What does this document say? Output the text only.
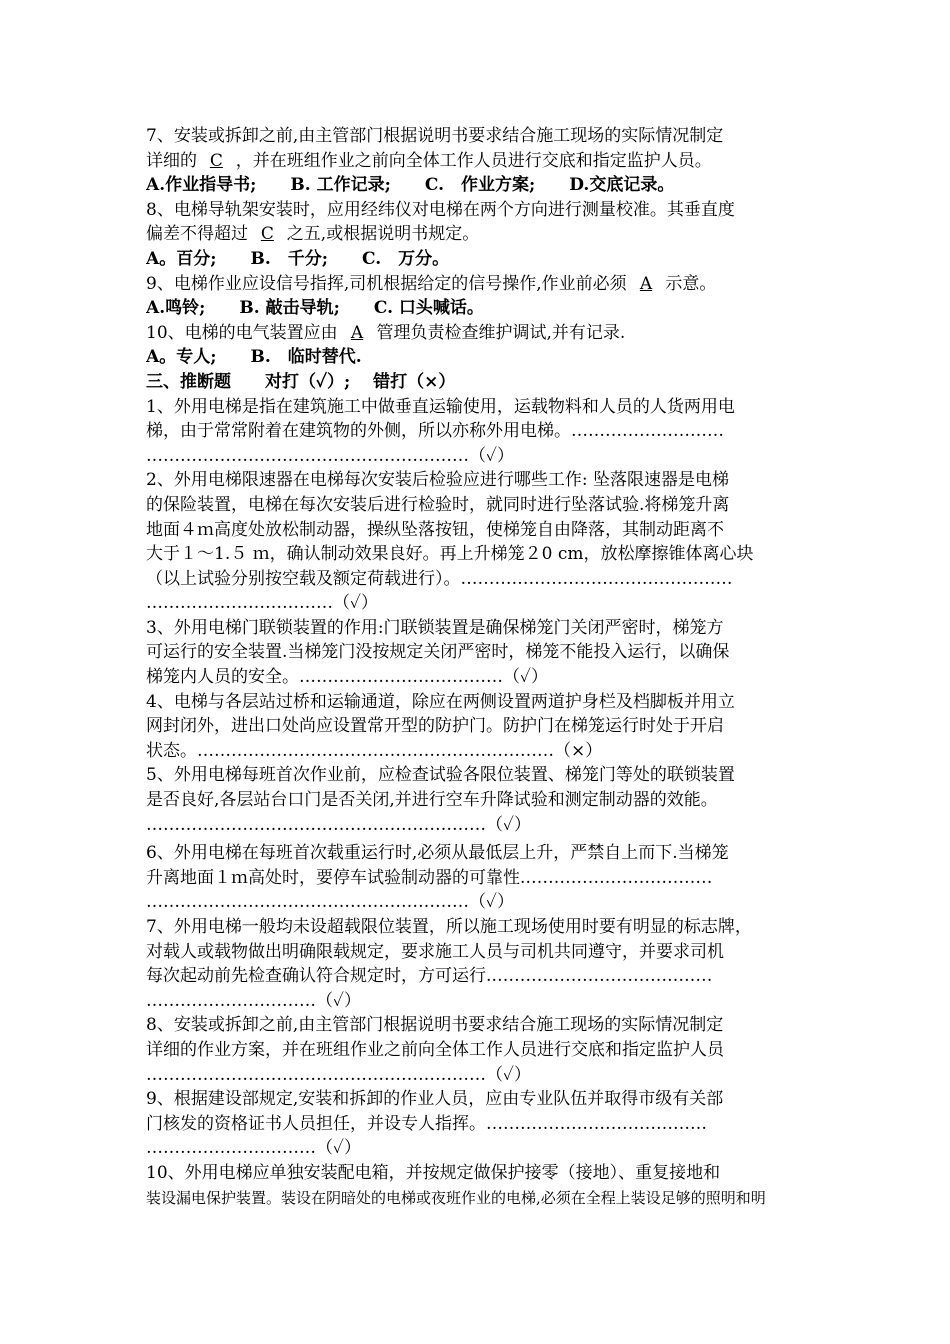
7、安装或拆卸之前,由主管部门根据说明书要求结合施工现场的实际情况制定
详细的 C ，并在班组作业之前向全体工作人员进行交底和指定监护人员。
A.作业指导书;　　B. 工作记录;　　C.　作业方案;　　D.交底记录。
8、电梯导轨架安装时，应用经纬仪对电梯在两个方向进行测量校准。其垂直度
偏差不得超过 C 之五,或根据说明书规定。
A。百分;　　B.　千分;　　C.　万分。
9、电梯作业应设信号指挥,司机根据给定的信号操作,作业前必须 A 示意。
A.鸣铃;　　B. 敲击导轨;　　C. 口头喊话。
10、电梯的电气装置应由 A 管理负责检查维护调试,并有记录.
A。专人;　　B.　临时替代.
三、推断题　　对打（✓）;　 错打（×）
1、外用电梯是指在建筑施工中做垂直运输使用，运载物料和人员的人货两用电
梯，由于常常附着在建筑物的外侧，所以亦称外用电梯。………………………
…………………………………………………（✓）
2、外用电梯限速器在电梯每次安装后检验应进行哪些工作: 坠落限速器是电梯
的保险装置，电梯在每次安装后进行检验时，就同时进行坠落试验.将梯笼升离
地面４ｍ高度处放松制动器，操纵坠落按钮，使梯笼自由降落，其制动距离不
大于１～1.５ ｍ，确认制动效果良好。再上升梯笼２0 cm，放松摩擦锥体离心块
（以上试验分别按空载及额定荷载进行）。…………………………………………
……………………………（✓）
3、外用电梯门联锁装置的作用:门联锁装置是确保梯笼门关闭严密时，梯笼方
可运行的安全装置.当梯笼门没按规定关闭严密时，梯笼不能投入运行，以确保
梯笼内人员的安全。………………………………（✓）
4、电梯与各层站过桥和运输通道，除应在两侧设置两道护身栏及档脚板并用立
网封闭外，进出口处尚应设置常开型的防护门。防护门在梯笼运行时处于开启
状态。………………………………………………………（×）
5、外用电梯每班首次作业前，应检查试验各限位装置、梯笼门等处的联锁装置
是否良好,各层站台口门是否关闭,并进行空车升降试验和测定制动器的效能。
……………………………………………………（✓）
6、外用电梯在每班首次载重运行时,必须从最低层上升，严禁自上而下.当梯笼
升离地面１ｍ高处时，要停车试验制动器的可靠性.……………………………
…………………………………………………（✓）
7、外用电梯一般均未设超载限位装置，所以施工现场使用时要有明显的标志牌，
对载人或载物做出明确限载规定，要求施工人员与司机共同遵守，并要求司机
每次起动前先检查确认符合规定时，方可运行.…………………………………
…………………………（✓）
8、安装或拆卸之前,由主管部门根据说明书要求结合施工现场的实际情况制定
详细的作业方案，并在班组作业之前向全体工作人员进行交底和指定监护人员
……………………………………………………（✓）
9、根据建设部规定,安装和拆卸的作业人员，应由专业队伍并取得市级有关部
门核发的资格证书人员担任，并设专人指挥。…………………………………
…………………………（✓）
10、外用电梯应单独安装配电箱，并按规定做保护接零（接地）、重复接地和
装设漏电保护装置。装设在阴暗处的电梯或夜班作业的电梯,必须在全程上装设足够的照明和明
